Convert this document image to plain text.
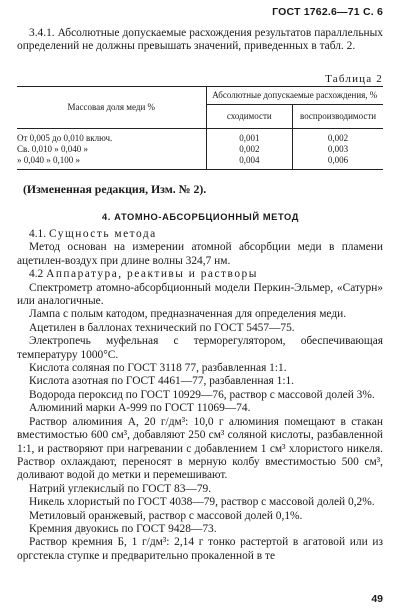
ГОСТ 1762.6—71 С. 6

3.4.1. Абсолютные допускаемые расхождения результатов параллельных определений не должны превышать значений, приведенных в табл. 2.

Таблица 2
Массовая доля меди %	Абсолютные допускаемые расхождения, %	
	сходимости	воспроизводимости
От 0,005 до 0,010 включ.	0,001	0,002
Св. 0,010 » 0,040 »	0,002	0,003
» 0,040 » 0,100 »	0,004	0,006
(Измененная редакция, Изм. № 2).
4. АТОМНО-АБСОРБЦИОННЫЙ МЕТОД

4.1. Сущность метода

Метод основан на измерении атомной абсорбции меди в пламени ацетилен-воздух при длине волны 324,7 нм.

4.2 Аппаратура, реактивы и растворы

Спектрометр атомно-абсорбционный модели Перкин-Эльмер, «Сатурн» или аналогичные.

Лампа с полым катодом, предназначенная для определения меди.

Ацетилен в баллонах технический по ГОСТ 5457—75.

Электропечь муфельная с терморегулятором, обеспечивающая температуру 1000°С.

Кислота соляная по ГОСТ 3118 77, разбавленная 1:1.

Кислота азотная по ГОСТ 4461—77, разбавленная 1:1.

Водорода пероксид по ГОСТ 10929—76, раствор с массовой долей 3%.

Алюминий марки А-999 по ГОСТ 11069—74.

Раствор алюминия А, 20 г/дм³: 10,0 г алюминия помещают в стакан вместимостью 600 см³, добавляют 250 см³ соляной кислоты, разбавленной 1:1, и растворяют при нагревании с добавлением 1 см³ хлористого никеля. Раствор охлаждают, переносят в мерную колбу вместимостью 500 см³, доливают водой до метки и перемешивают.

Натрий углекислый по ГОСТ 83—79.

Никель хлористый по ГОСТ 4038—79, раствор с массовой долей 0,2%.

Метиловый оранжевый, раствор с массовой долей 0,1%.

Кремния двуокись по ГОСТ 9428—73.

Раствор кремния Б, 1 г/дм³: 2,14 г тонко растертой в агатовой или из оргстекла ступке и предварительно прокаленной в те

49
